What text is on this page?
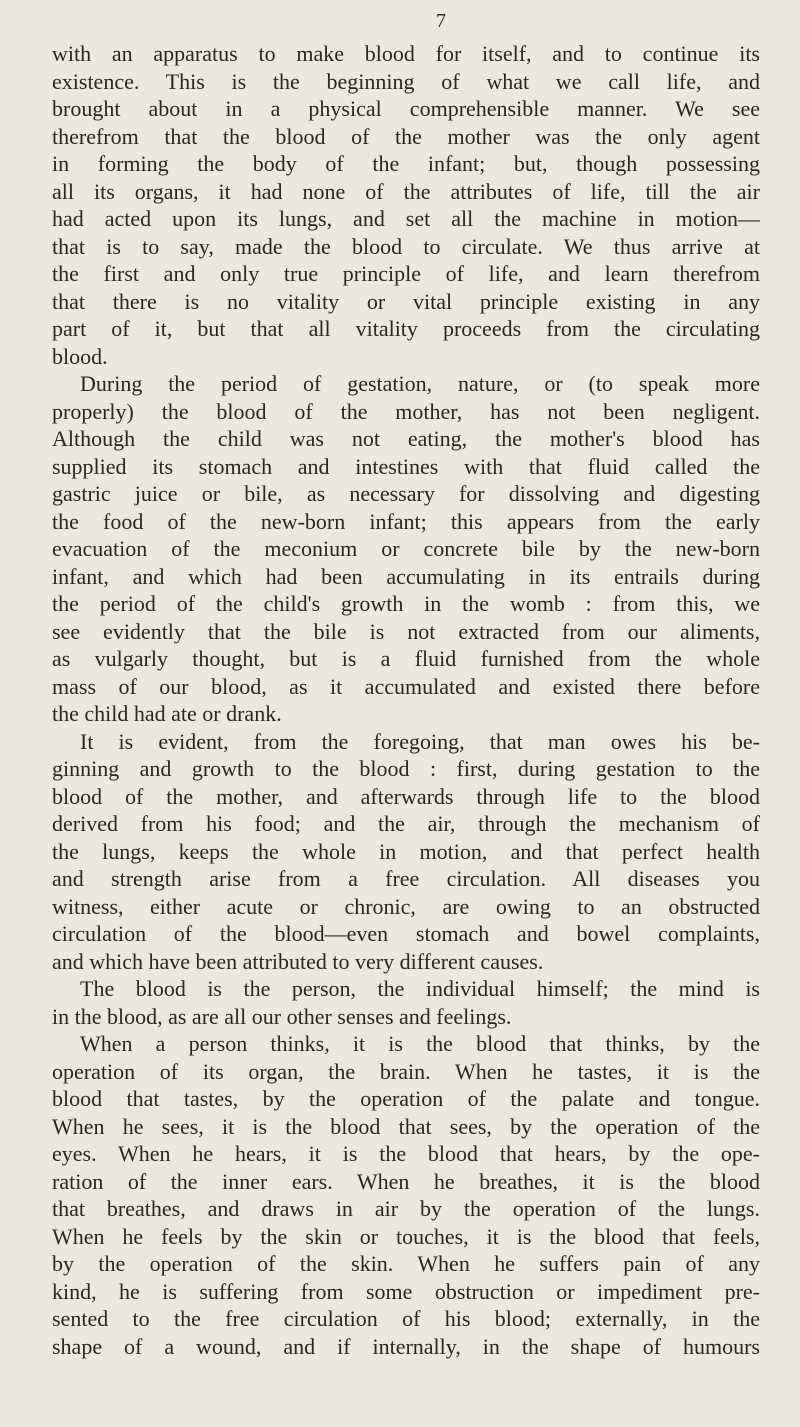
7
with an apparatus to make blood for itself, and to continue its
existence. This is the beginning of what we call life, and
brought about in a physical comprehensible manner. We see
therefrom that the blood of the mother was the only agent
in forming the body of the infant; but, though possessing
all its organs, it had none of the attributes of life, till the air
had acted upon its lungs, and set all the machine in motion—
that is to say, made the blood to circulate. We thus arrive at
the first and only true principle of life, and learn therefrom
that there is no vitality or vital principle existing in any
part of it, but that all vitality proceeds from the circulating
blood.
During the period of gestation, nature, or (to speak more
properly) the blood of the mother, has not been negligent.
Although the child was not eating, the mother's blood has
supplied its stomach and intestines with that fluid called the
gastric juice or bile, as necessary for dissolving and digesting
the food of the new-born infant; this appears from the early
evacuation of the meconium or concrete bile by the new-born
infant, and which had been accumulating in its entrails during
the period of the child's growth in the womb : from this, we
see evidently that the bile is not extracted from our aliments,
as vulgarly thought, but is a fluid furnished from the whole
mass of our blood, as it accumulated and existed there before
the child had ate or drank.
It is evident, from the foregoing, that man owes his be-
ginning and growth to the blood : first, during gestation to the
blood of the mother, and afterwards through life to the blood
derived from his food; and the air, through the mechanism of
the lungs, keeps the whole in motion, and that perfect health
and strength arise from a free circulation. All diseases you
witness, either acute or chronic, are owing to an obstructed
circulation of the blood—even stomach and bowel complaints,
and which have been attributed to very different causes.
The blood is the person, the individual himself; the mind is
in the blood, as are all our other senses and feelings.
When a person thinks, it is the blood that thinks, by the
operation of its organ, the brain. When he tastes, it is the
blood that tastes, by the operation of the palate and tongue.
When he sees, it is the blood that sees, by the operation of the
eyes. When he hears, it is the blood that hears, by the ope-
ration of the inner ears. When he breathes, it is the blood
that breathes, and draws in air by the operation of the lungs.
When he feels by the skin or touches, it is the blood that feels,
by the operation of the skin. When he suffers pain of any
kind, he is suffering from some obstruction or impediment pre-
sented to the free circulation of his blood; externally, in the
shape of a wound, and if internally, in the shape of humours
